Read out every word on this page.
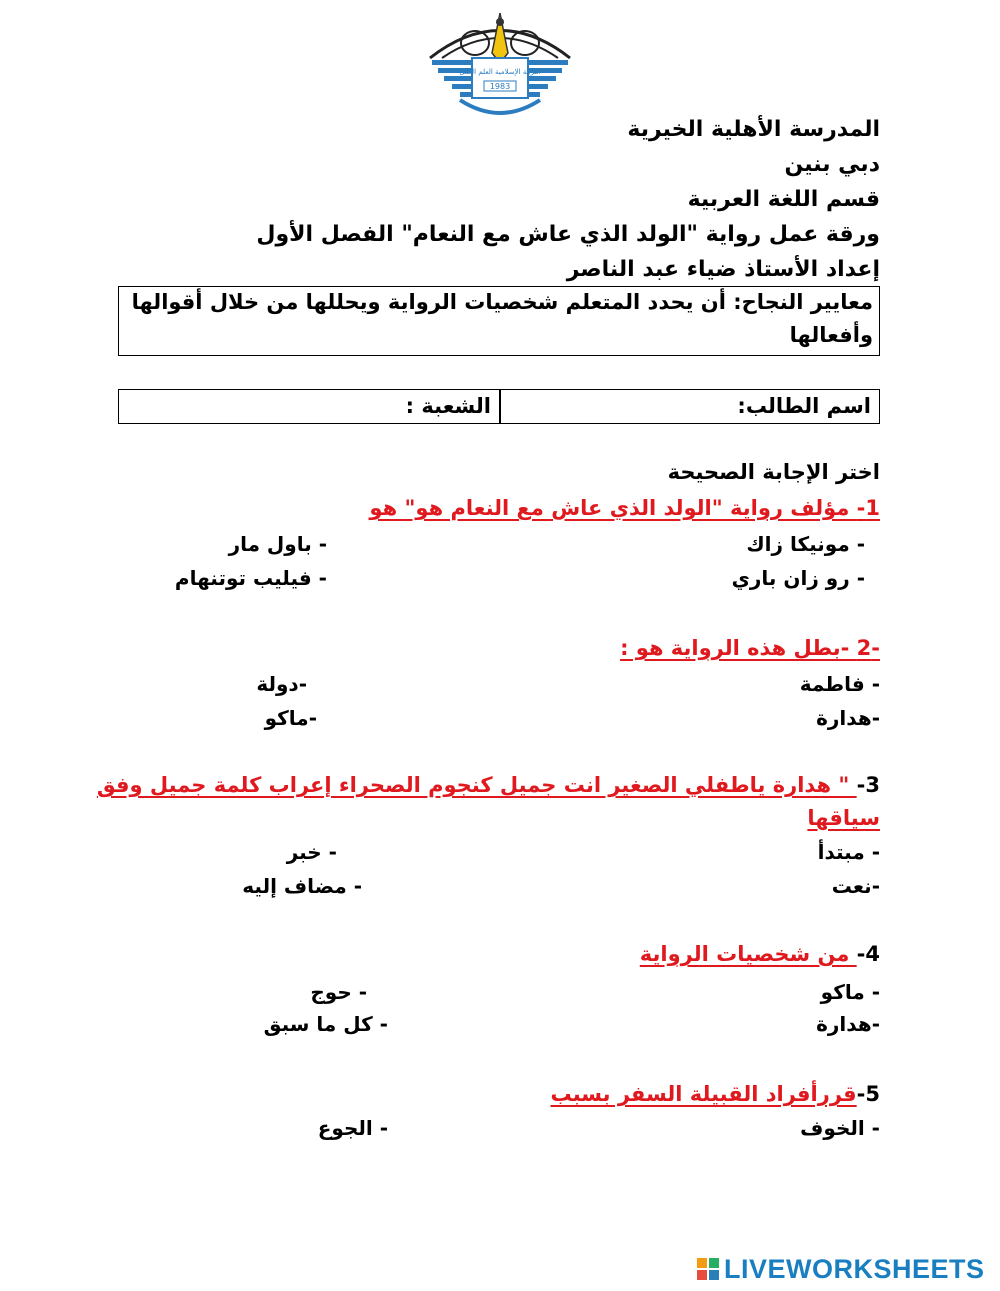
التربية الإسلامية العلم العمل
1983
المدرسة الأهلية الخيرية
دبي بنين
قسم اللغة العربية
ورقة عمل رواية "الولد الذي عاش مع النعام" الفصل الأول
إعداد الأستاذ ضياء عبد الناصر
معايير النجاح: أن يحدد المتعلم شخصيات الرواية ويحللها من خلال أقوالها
وأفعالها
اسم الطالب:
الشعبة :
اختر الإجابة الصحيحة
1- مؤلف رواية "الولد الذي عاش مع النعام هو" هو
- مونيكا زاك
- باول مار
- رو زان باري
- فيليب توتنهام
-2 -بطل هذه الرواية هو :
- فاطمة
-دولة
-هدارة
-ماكو
3- " هدارة ياطفلي الصغير انت جميل كنجوم الصحراء إعراب كلمة جميل وفق
سياقها
- مبتدأ
- خبر
-نعت
- مضاف إليه
4- من شخصيات الرواية
- ماكو
- حوج
-هدارة
- كل ما سبق
5-قررأفراد القبيلة السفر بسبب
- الخوف
- الجوع
LIVEWORKSHEETS
